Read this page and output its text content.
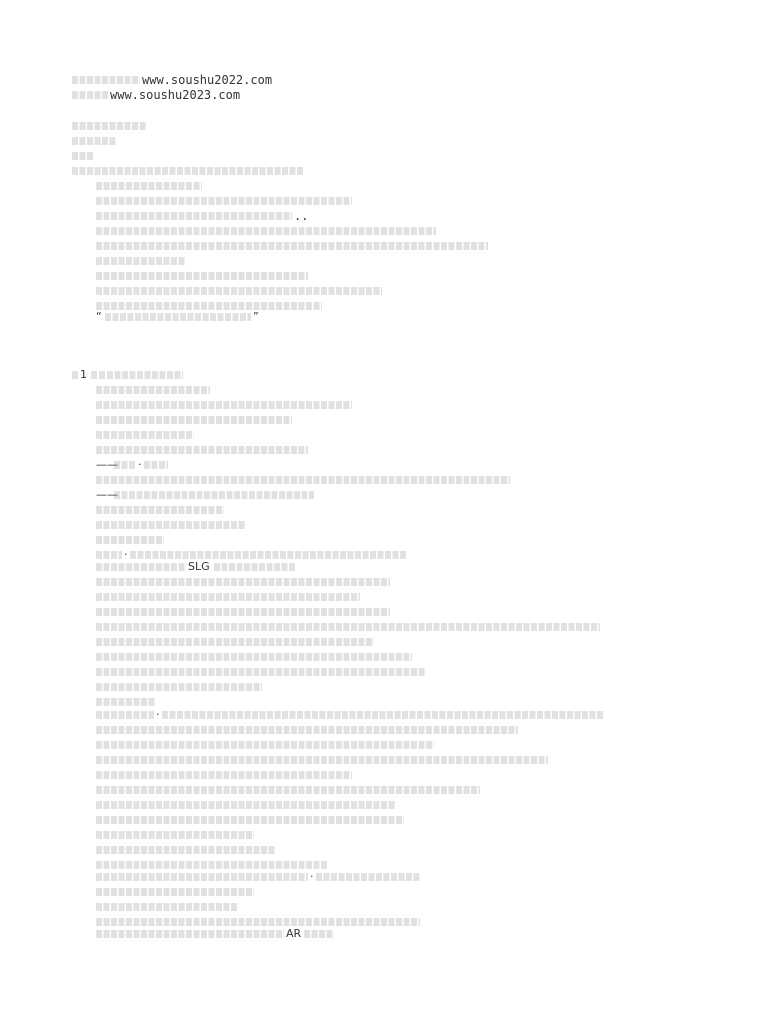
www.soushu2022.com
www.soushu2023.com
..
“	”
1
—— ·
——
·
SLG
·
·
AR
